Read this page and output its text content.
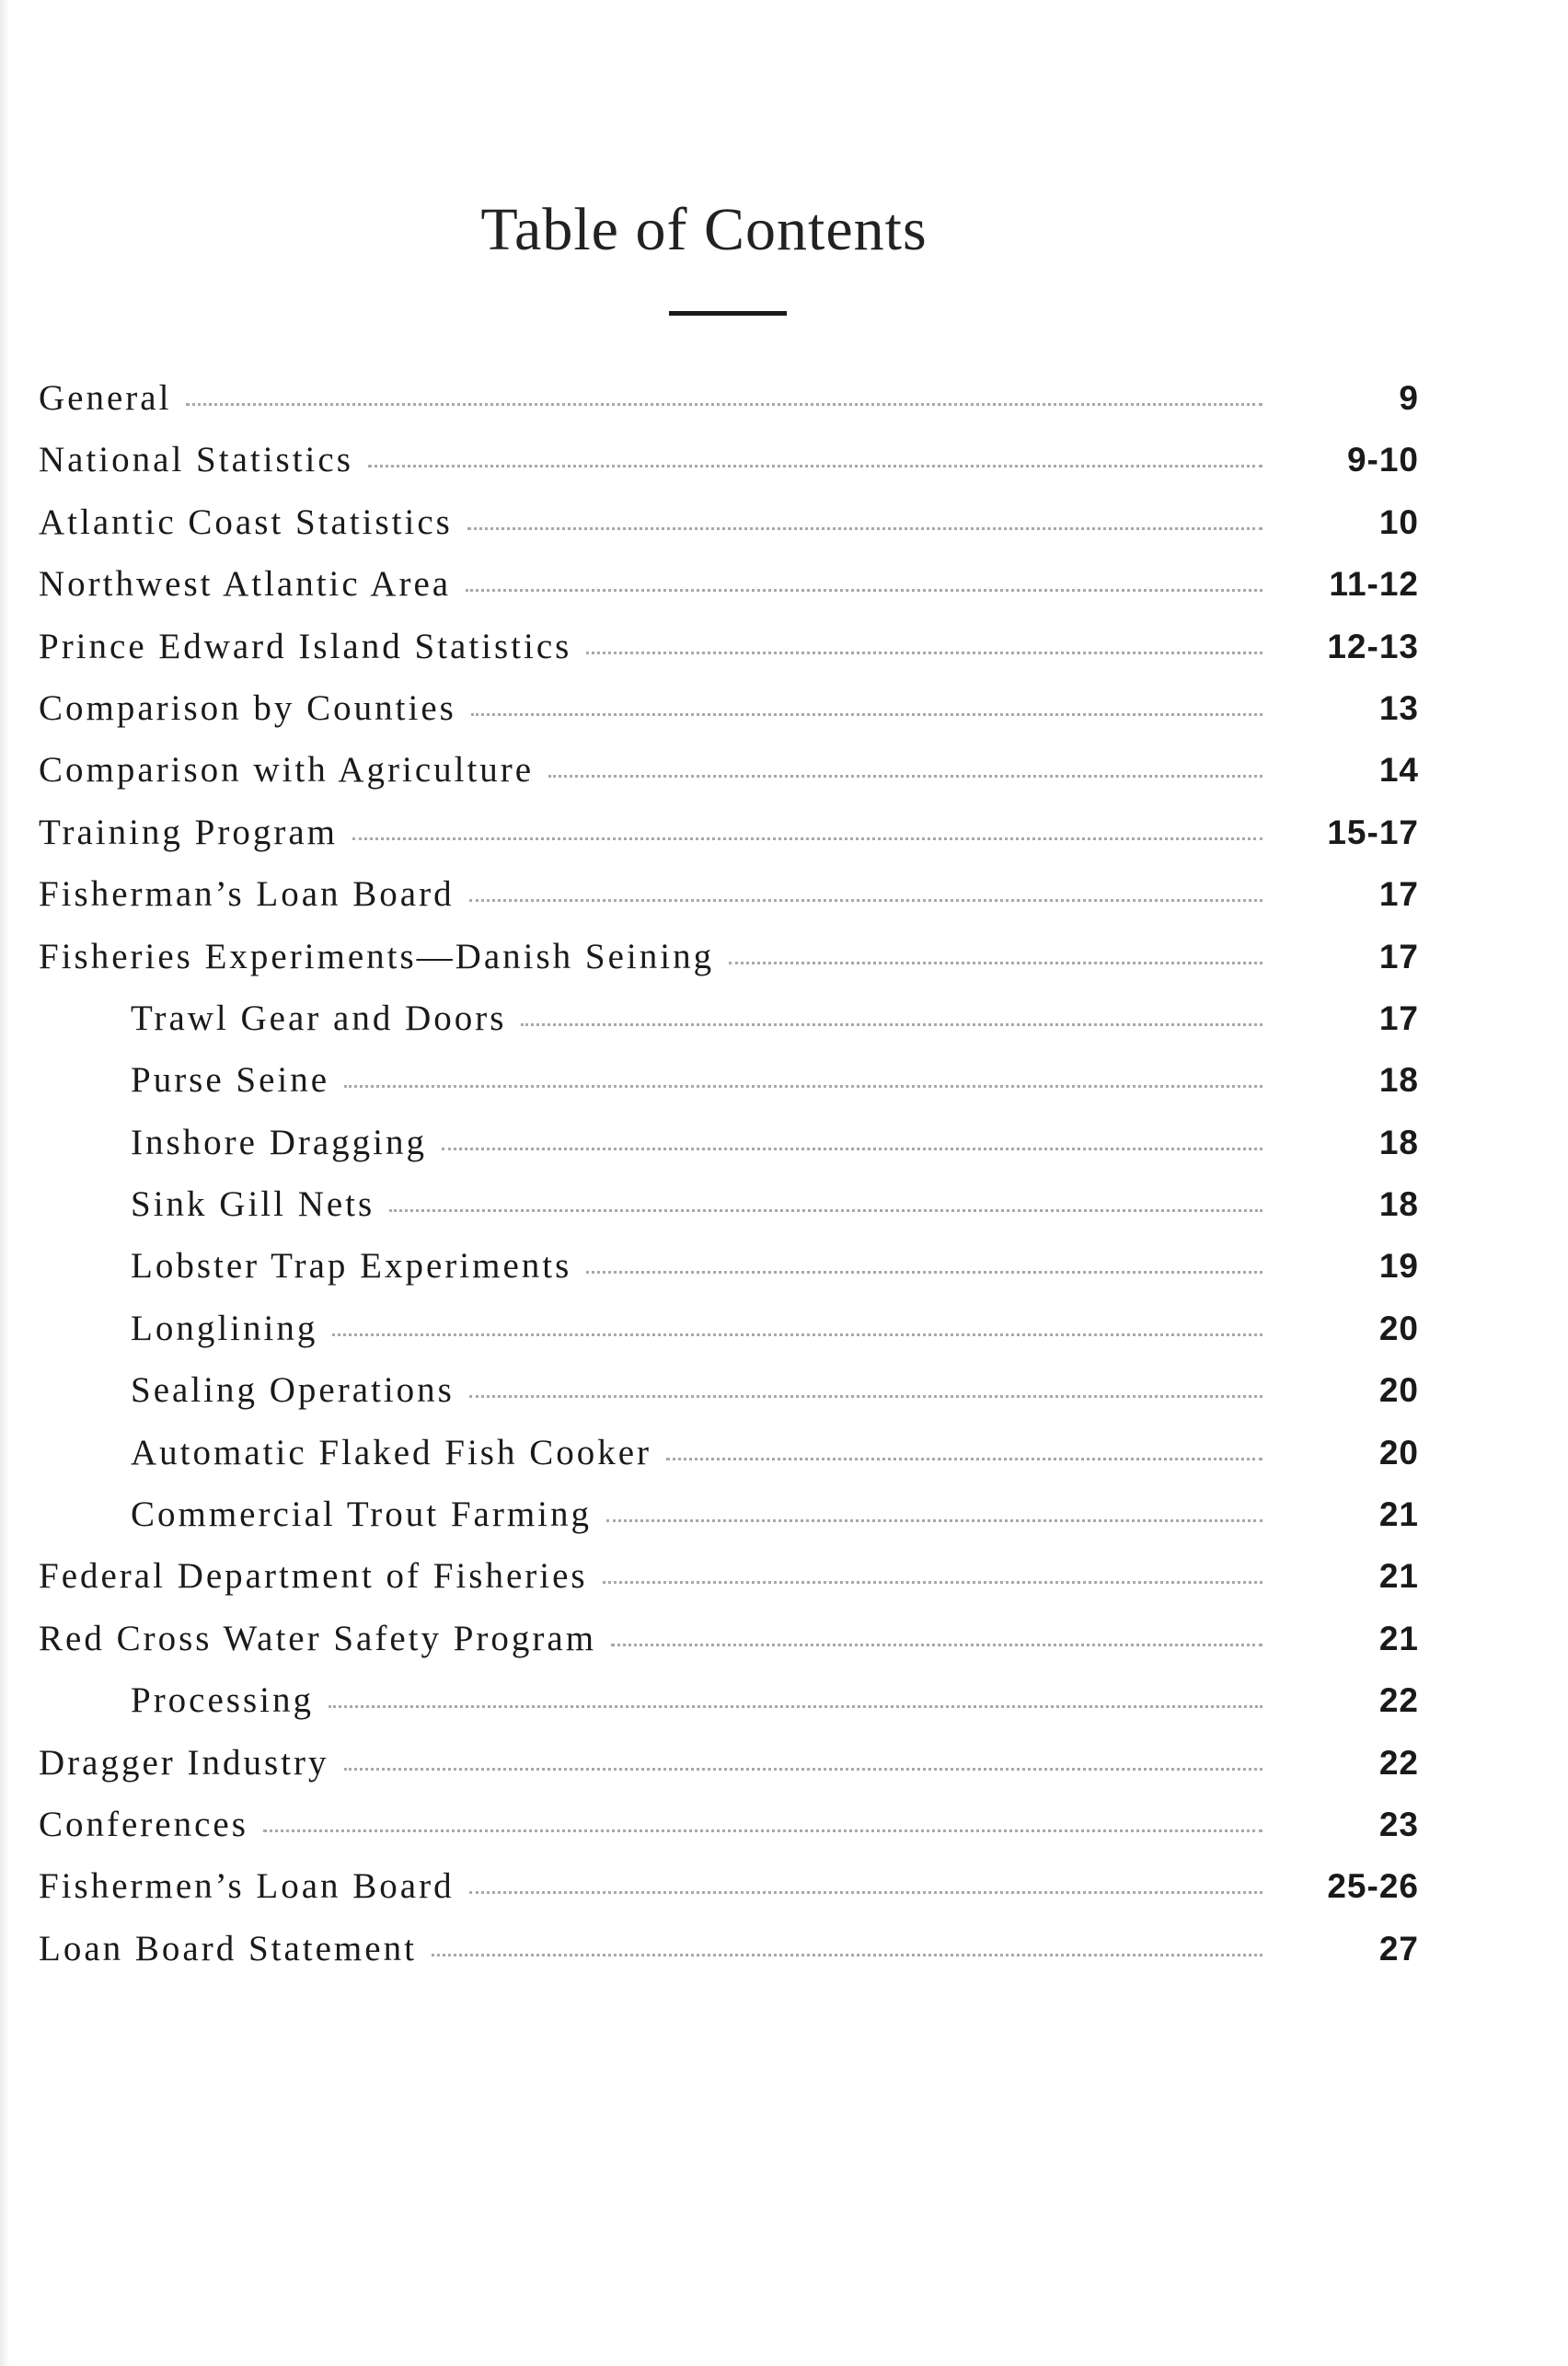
Table of Contents
General	9
National Statistics	9-10
Atlantic Coast Statistics	10
Northwest Atlantic Area	11-12
Prince Edward Island Statistics	12-13
Comparison by Counties	13
Comparison with Agriculture	14
Training Program	15-17
Fisherman’s Loan Board	17
Fisheries Experiments—Danish Seining	17
Trawl Gear and Doors	17
Purse Seine	18
Inshore Dragging	18
Sink Gill Nets	18
Lobster Trap Experiments	19
Longlining	20
Sealing Operations	20
Automatic Flaked Fish Cooker	20
Commercial Trout Farming	21
Federal Department of Fisheries	21
Red Cross Water Safety Program	21
Processing	22
Dragger Industry	22
Conferences	23
Fishermen’s Loan Board	25-26
Loan Board Statement	27
